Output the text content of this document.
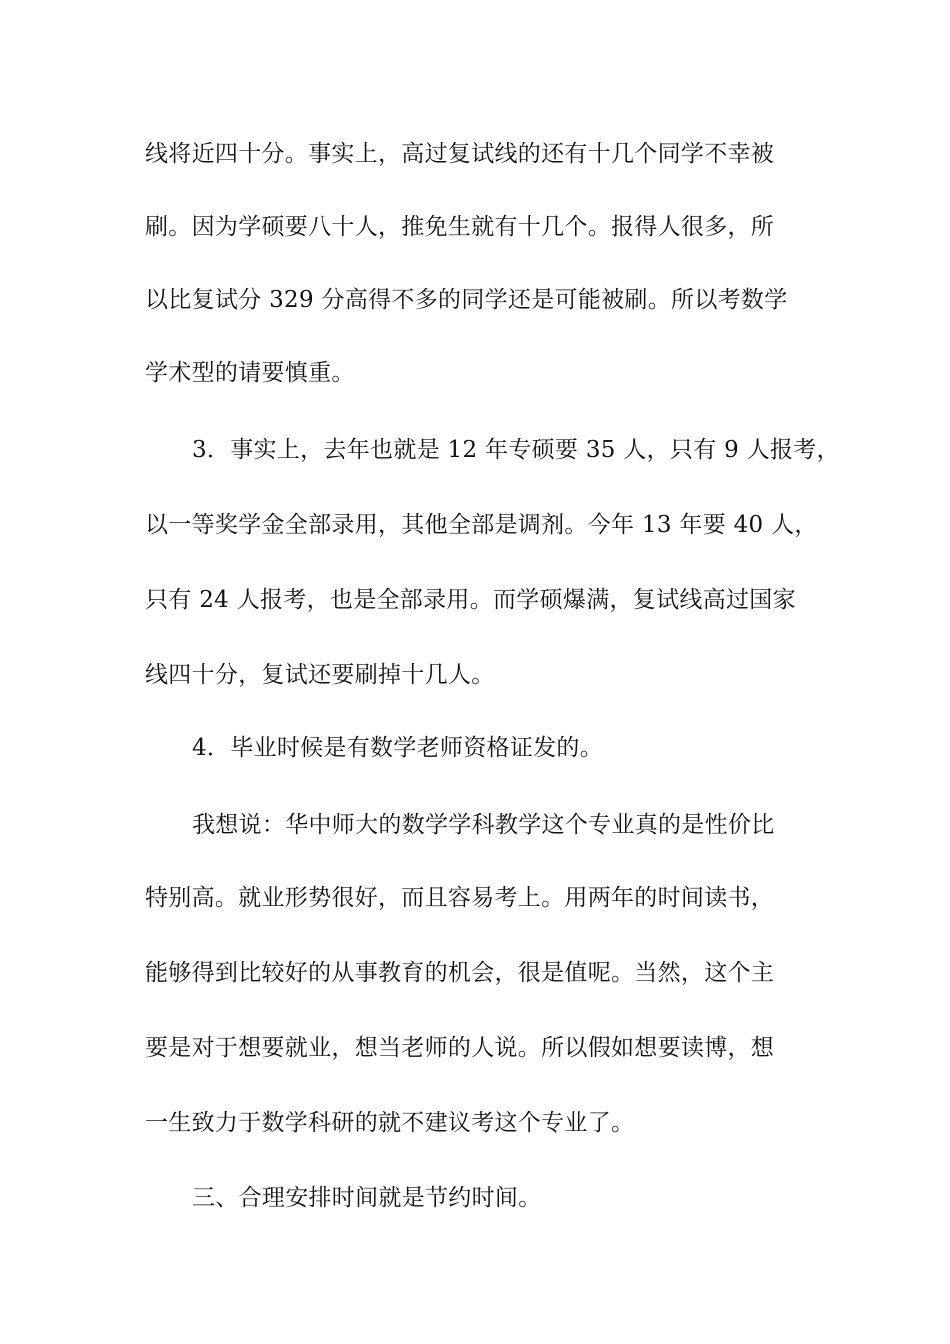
线将近四十分。事实上，高过复试线的还有十几个同学不幸被
刷。因为学硕要八十人，推免生就有十几个。报得人很多，所
以比复试分 329 分高得不多的同学还是可能被刷。所以考数学
学术型的请要慎重。
3．事实上，去年也就是 12 年专硕要 35 人，只有 9 人报考，
以一等奖学金全部录用，其他全部是调剂。今年 13 年要 40 人，
只有 24 人报考，也是全部录用。而学硕爆满，复试线高过国家
线四十分，复试还要刷掉十几人。
4．毕业时候是有数学老师资格证发的。
我想说：华中师大的数学学科教学这个专业真的是性价比
特别高。就业形势很好，而且容易考上。用两年的时间读书，
能够得到比较好的从事教育的机会，很是值呢。当然，这个主
要是对于想要就业，想当老师的人说。所以假如想要读博，想
一生致力于数学科研的就不建议考这个专业了。
三、合理安排时间就是节约时间。
